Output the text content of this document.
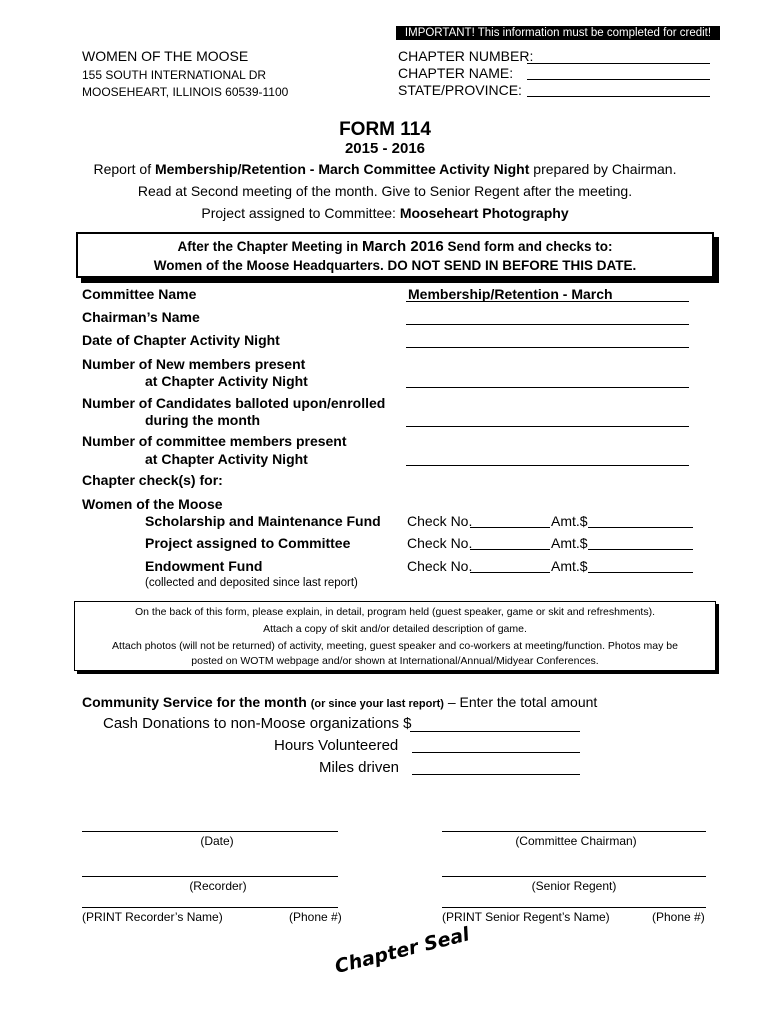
IMPORTANT! This information must be completed for credit!
WOMEN OF THE MOOSE
155 SOUTH INTERNATIONAL DR
MOOSEHEART, ILLINOIS 60539-1100
CHAPTER NUMBER:
CHAPTER NAME:
STATE/PROVINCE:
FORM 114
2015 - 2016
Report of Membership/Retention - March Committee Activity Night prepared by Chairman.
Read at Second meeting of the month. Give to Senior Regent after the meeting.
Project assigned to Committee: Mooseheart Photography
After the Chapter Meeting in March 2016 Send form and checks to:
Women of the Moose Headquarters. DO NOT SEND IN BEFORE THIS DATE.
Committee Name	Membership/Retention - March
Chairman’s Name
Date of Chapter Activity Night
Number of New members present
at Chapter Activity Night
Number of Candidates balloted upon/enrolled
during the month
Number of committee members present
at Chapter Activity Night
Chapter check(s) for:
Women of the Moose
Scholarship and Maintenance Fund Check No.	Amt.$
Project assigned to Committee	Check No.	Amt.$
Endowment Fund	Check No.	Amt.$
(collected and deposited since last report)
On the back of this form, please explain, in detail, program held (guest speaker, game or skit and refreshments).
Attach a copy of skit and/or detailed description of game.
Attach photos (will not be returned) of activity, meeting, guest speaker and co-workers at meeting/function. Photos may be
posted on WOTM webpage and/or shown at International/Annual/Midyear Conferences.
Community Service for the month (or since your last report) – Enter the total amount
Cash Donations to non-Moose organizations $
Hours Volunteered
Miles driven
(Date)	(Committee Chairman)
(Recorder)	(Senior Regent)
(PRINT Recorder’s Name)	(Phone #)	(PRINT Senior Regent’s Name)	(Phone #)
Chapter Seal
